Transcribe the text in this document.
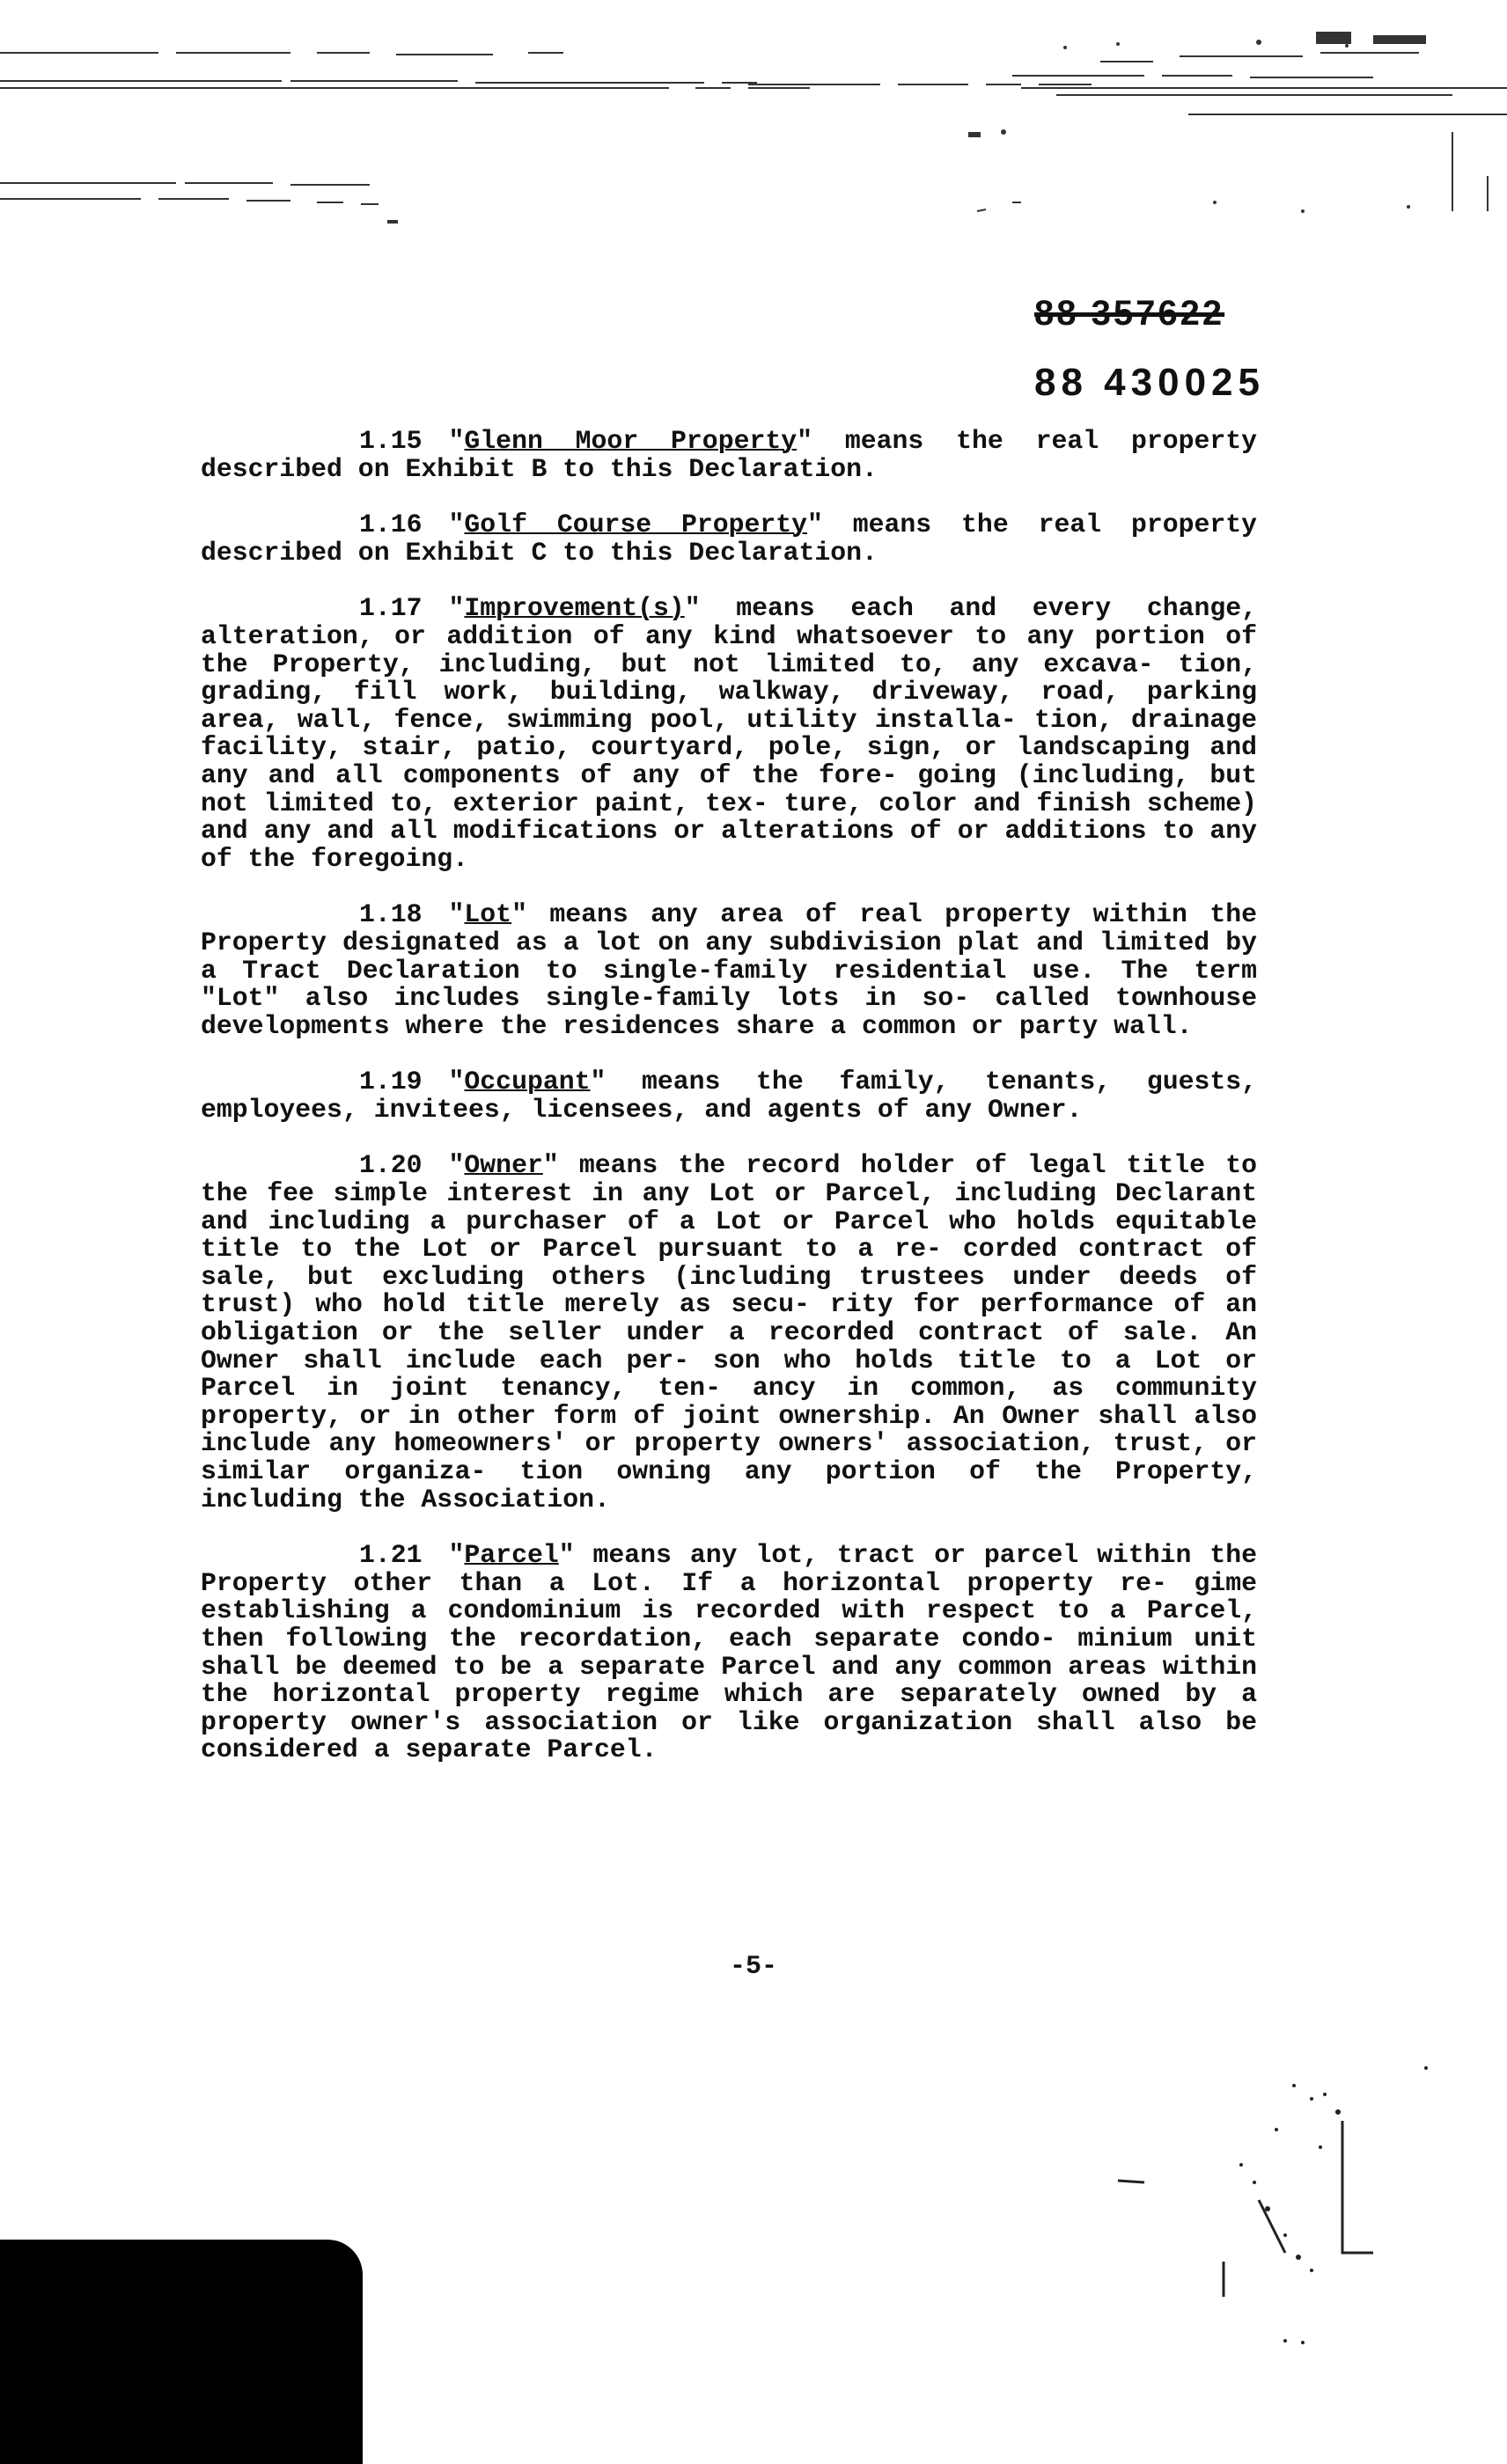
88 357622
88 430025

1.15 "Glenn Moor Property" means the real property described on Exhibit B to this Declaration.

1.16 "Golf Course Property" means the real property described on Exhibit C to this Declaration.

1.17 "Improvement(s)" means each and every change, alteration, or addition of any kind whatsoever to any portion of the Property, including, but not limited to, any excava- tion, grading, fill work, building, walkway, driveway, road, parking area, wall, fence, swimming pool, utility installa- tion, drainage facility, stair, patio, courtyard, pole, sign, or landscaping and any and all components of any of the fore- going (including, but not limited to, exterior paint, tex- ture, color and finish scheme) and any and all modifications or alterations of or additions to any of the foregoing.

1.18 "Lot" means any area of real property within the Property designated as a lot on any subdivision plat and limited by a Tract Declaration to single-family residential use. The term "Lot" also includes single-family lots in so- called townhouse developments where the residences share a common or party wall.

1.19 "Occupant" means the family, tenants, guests, employees, invitees, licensees, and agents of any Owner.

1.20 "Owner" means the record holder of legal title to the fee simple interest in any Lot or Parcel, including Declarant and including a purchaser of a Lot or Parcel who holds equitable title to the Lot or Parcel pursuant to a re- corded contract of sale, but excluding others (including trustees under deeds of trust) who hold title merely as secu- rity for performance of an obligation or the seller under a recorded contract of sale. An Owner shall include each per- son who holds title to a Lot or Parcel in joint tenancy, ten- ancy in common, as community property, or in other form of joint ownership. An Owner shall also include any homeowners' or property owners' association, trust, or similar organiza- tion owning any portion of the Property, including the Association.

1.21 "Parcel" means any lot, tract or parcel within the Property other than a Lot. If a horizontal property re- gime establishing a condominium is recorded with respect to a Parcel, then following the recordation, each separate condo- minium unit shall be deemed to be a separate Parcel and any common areas within the horizontal property regime which are separately owned by a property owner's association or like organization shall also be considered a separate Parcel.

-5-
